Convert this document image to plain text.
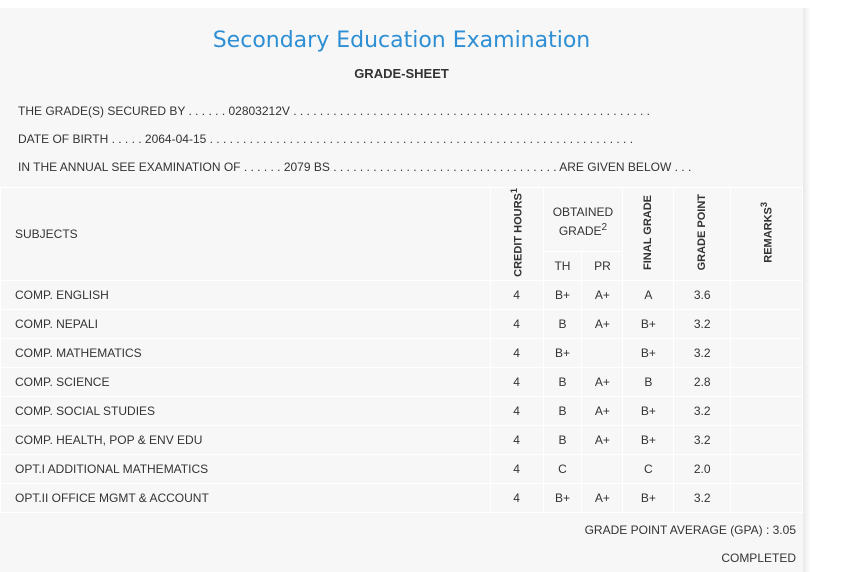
Secondary Education Examination
GRADE-SHEET
THE GRADE(S) SECURED BY . . . . . . 02803212V . . . . . . . . . . . . . . . . . . . . . . . . . . . . . . . . . . . . . . . . . . . . . . . . . . . . . .
DATE OF BIRTH . . . . . 2064-04-15 . . . . . . . . . . . . . . . . . . . . . . . . . . . . . . . . . . . . . . . . . . . . . . . . . . . . . . . . . . . . . . . .
IN THE ANNUAL SEE EXAMINATION OF . . . . . . 2079 BS . . . . . . . . . . . . . . . . . . . . . . . . . . . . . . . . . . ARE GIVEN BELOW . . .
SUBJECTS	CREDIT HOURS$^1$	OBTAINED GRADE$^2$		FINAL GRADE	GRADE POINT	REMARKS$^3$
		TH	PR			
COMP. ENGLISH	4	B+	A+	A	3.6	
COMP. NEPALI	4	B	A+	B+	3.2	
COMP. MATHEMATICS	4	B+		B+	3.2	
COMP. SCIENCE	4	B	A+	B	2.8	
COMP. SOCIAL STUDIES	4	B	A+	B+	3.2	
COMP. HEALTH, POP & ENV EDU	4	B	A+	B+	3.2	
OPT.I ADDITIONAL MATHEMATICS	4	C		C	2.0	
OPT.II OFFICE MGMT & ACCOUNT	4	B+	A+	B+	3.2	
GRADE POINT AVERAGE (GPA) : 3.05
COMPLETED
